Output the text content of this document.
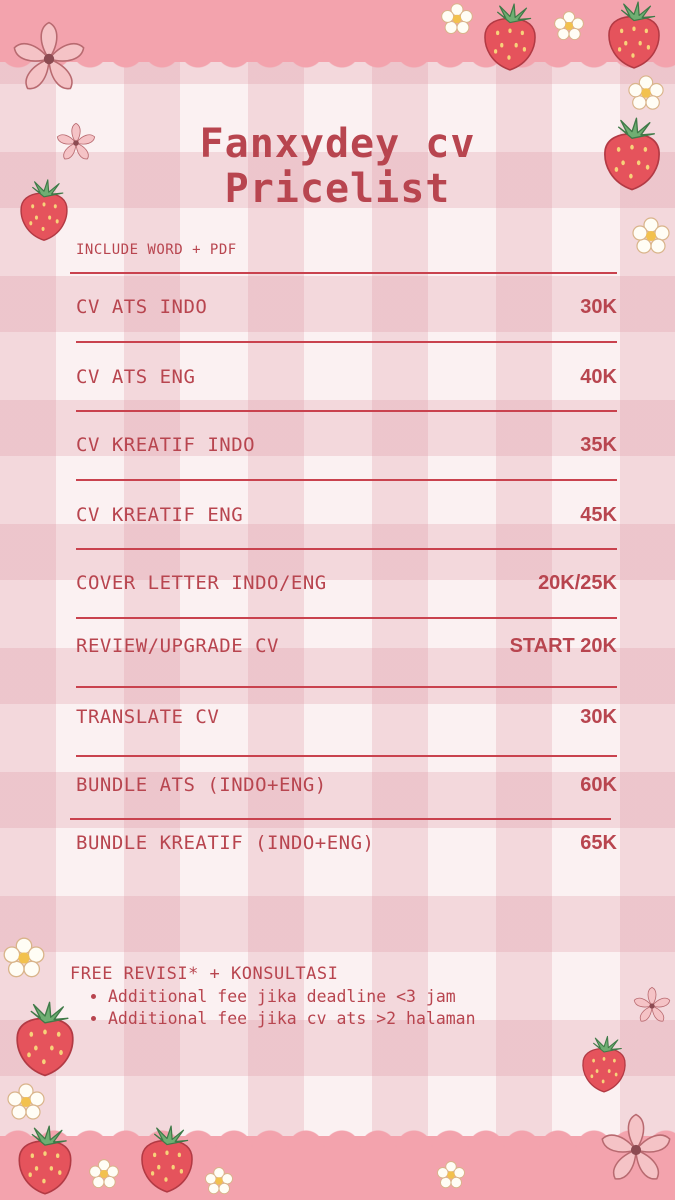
Fanxydey cv
Pricelist
INCLUDE WORD + PDF
CV ATS INDO	30K
CV ATS ENG	40K
CV KREATIF INDO	35K
CV KREATIF ENG	45K
COVER LETTER INDO/ENG	20K/25K
REVIEW/UPGRADE CV	START 20K
TRANSLATE CV	30K
BUNDLE ATS (INDO+ENG)	60K
BUNDLE KREATIF (INDO+ENG)	65K
FREE REVISI* + KONSULTASI
• Additional fee jika deadline <3 jam
• Additional fee jika cv ats >2 halaman
